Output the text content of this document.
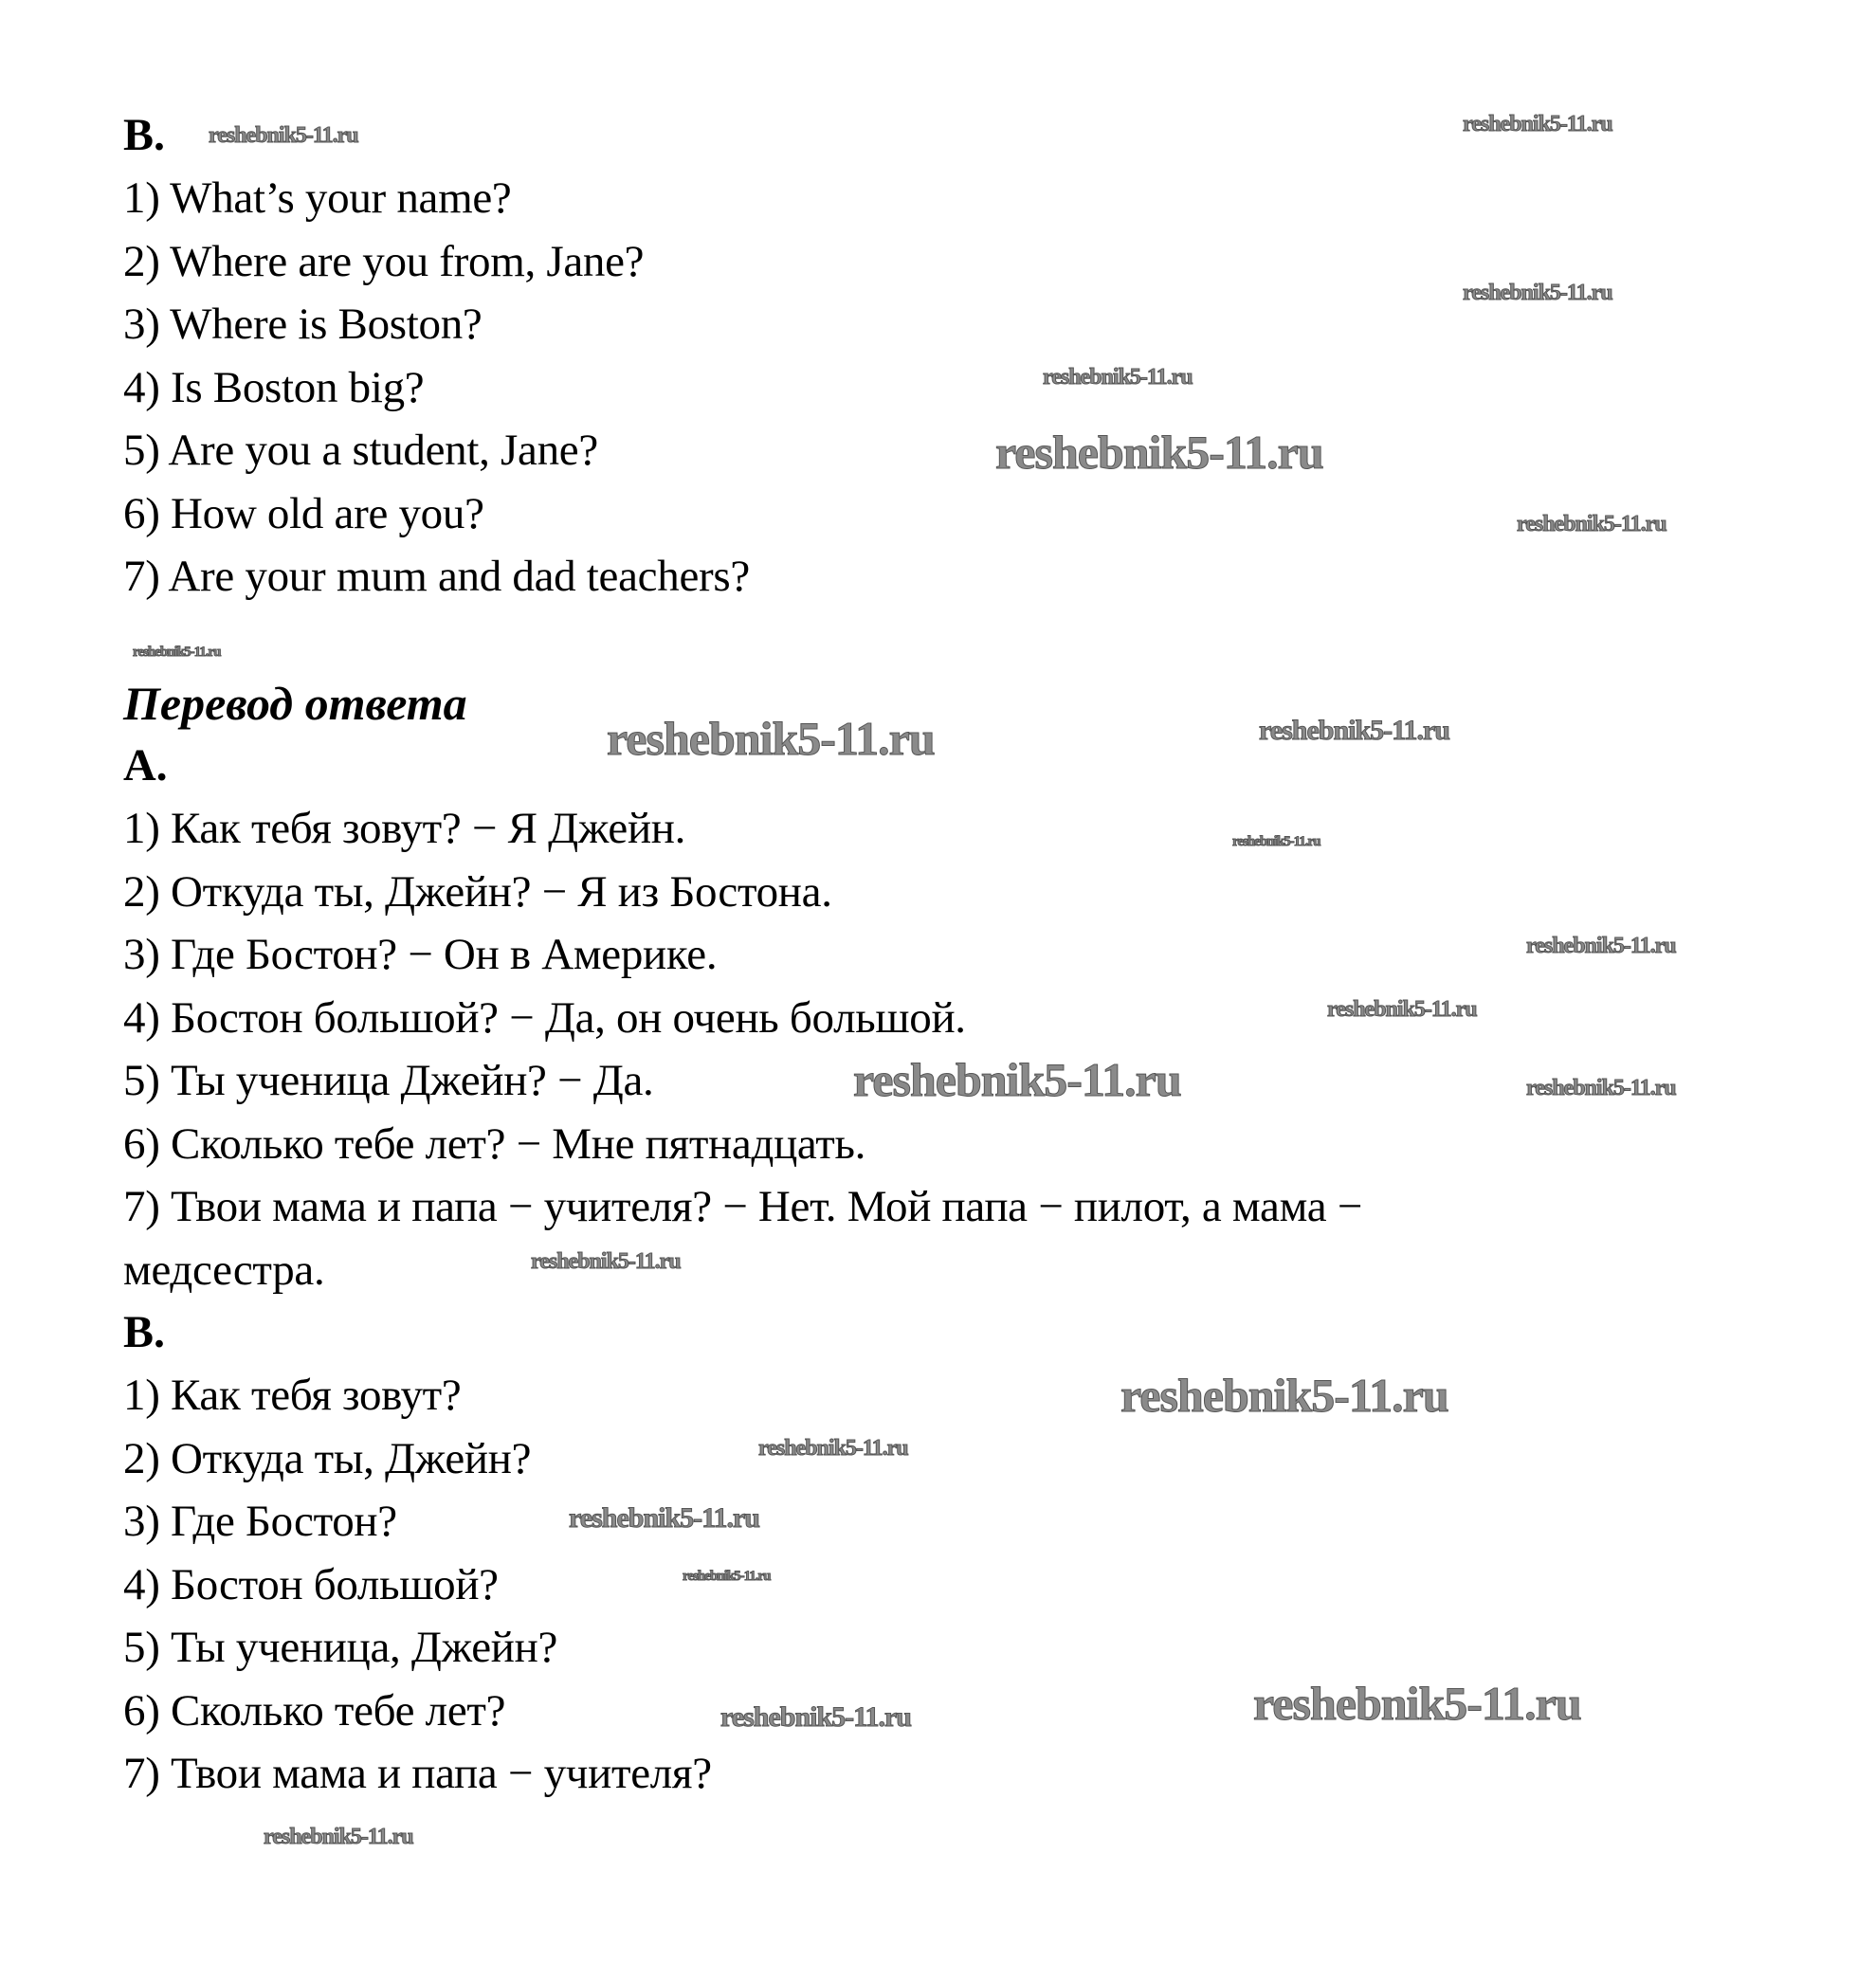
B.
1) What’s your name?
2) Where are you from, Jane?
3) Where is Boston?
4) Is Boston big?
5) Are you a student, Jane?
6) How old are you?
7) Are your mum and dad teachers?
Перевод ответа
A.
1) Как тебя зовут? − Я Джейн.
2) Откуда ты, Джейн? − Я из Бостона.
3) Где Бостон? − Он в Америке.
4) Бостон большой? − Да, он очень большой.
5) Ты ученица Джейн? − Да.
6) Сколько тебе лет? − Мне пятнадцать.
7) Твои мама и папа − учителя? − Нет. Мой папа − пилот, а мама −
медсестра.
B.
1) Как тебя зовут?
2) Откуда ты, Джейн?
3) Где Бостон?
4) Бостон большой?
5) Ты ученица, Джейн?
6) Сколько тебе лет?
7) Твои мама и папа − учителя?
reshebnik5-11.ru	reshebnik5-11.ru
reshebnik5-11.ru
reshebnik5-11.ru
reshebnik5-11.ru
reshebnik5-11.ru
reshebnik5-11.ru
reshebnik5-11.ru	reshebnik5-11.ru
reshebnik5-11.ru
reshebnik5-11.ru
reshebnik5-11.ru
reshebnik5-11.ru	reshebnik5-11.ru
reshebnik5-11.ru
reshebnik5-11.ru
reshebnik5-11.ru
reshebnik5-11.ru
reshebnik5-11.ru
reshebnik5-11.ru	reshebnik5-11.ru
reshebnik5-11.ru
